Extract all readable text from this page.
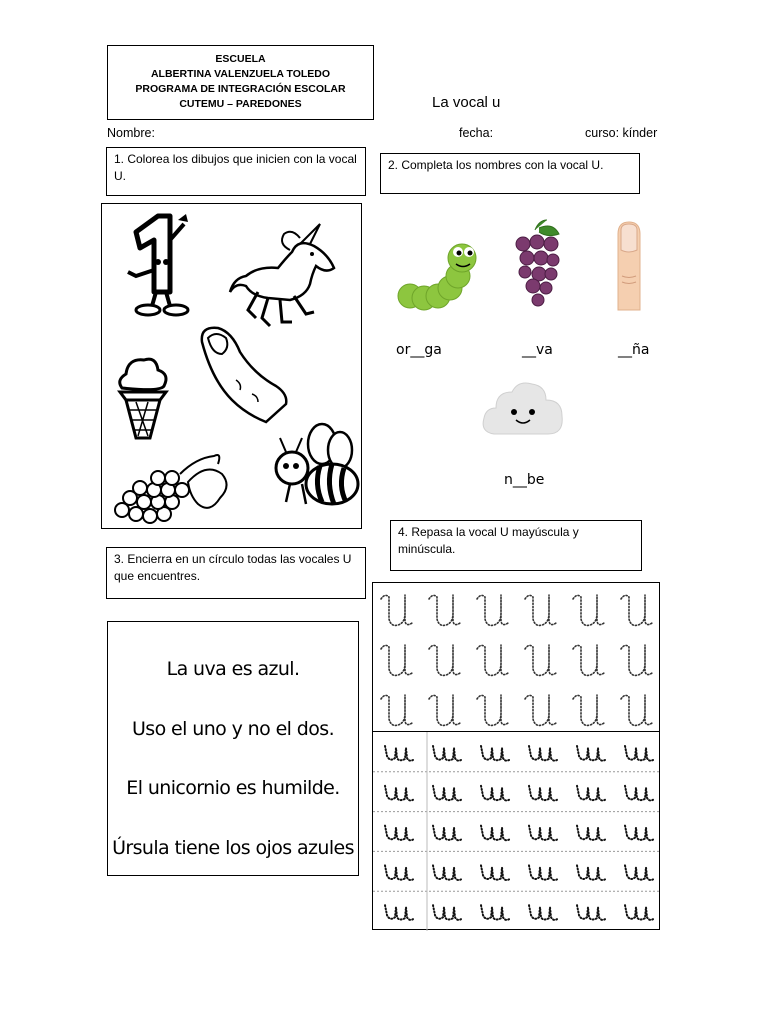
ESCUELA
ALBERTINA VALENZUELA TOLEDO
PROGRAMA DE INTEGRACIÓN ESCOLAR
CUTEMU – PAREDONES	La vocal u
Nombre:	fecha:	curso: kínder
1. Colorea los dibujos que inicien con la vocal U.
2. Completa los nombres con la vocal U.
3. Encierra en un círculo todas las vocales U que encuentres.
4. Repasa la vocal U mayúscula y minúscula.
or__ga	__va	__ña
n__be
La uva es azul.
Uso el uno y no el dos.
El unicornio es humilde.
Úrsula tiene los ojos azules
